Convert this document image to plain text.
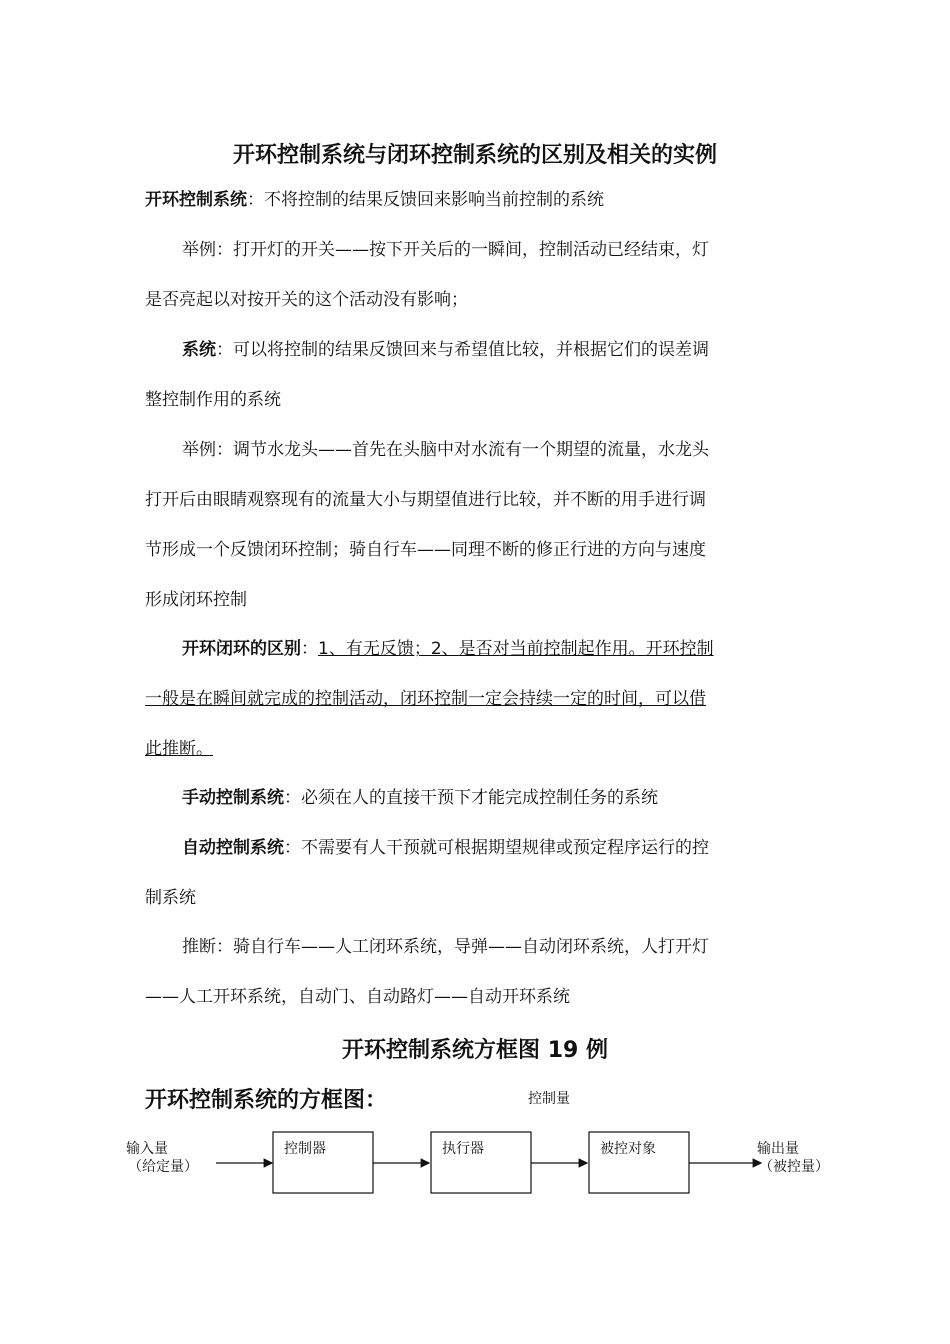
开环控制系统与闭环控制系统的区别及相关的实例
开环控制系统：不将控制的结果反馈回来影响当前控制的系统
举例：打开灯的开关——按下开关后的一瞬间，控制活动已经结束，灯
是否亮起以对按开关的这个活动没有影响；
系统：可以将控制的结果反馈回来与希望值比较，并根据它们的误差调
整控制作用的系统
举例：调节水龙头——首先在头脑中对水流有一个期望的流量，水龙头
打开后由眼睛观察现有的流量大小与期望值进行比较，并不断的用手进行调
节形成一个反馈闭环控制；骑自行车——同理不断的修正行进的方向与速度
形成闭环控制
开环闭环的区别：1、有无反馈；2、是否对当前控制起作用。开环控制
一般是在瞬间就完成的控制活动，闭环控制一定会持续一定的时间，可以借
此推断。
手动控制系统：必须在人的直接干预下才能完成控制任务的系统
自动控制系统：不需要有人干预就可根据期望规律或预定程序运行的控
制系统
推断：骑自行车——人工闭环系统，导弹——自动闭环系统，人打开灯
——人工开环系统，自动门、自动路灯——自动开环系统
开环控制系统方框图 19 例
开环控制系统的方框图：	控制量
输入量
（给定量）
控制器	执行器	被控对象	输出量
（被控量）
